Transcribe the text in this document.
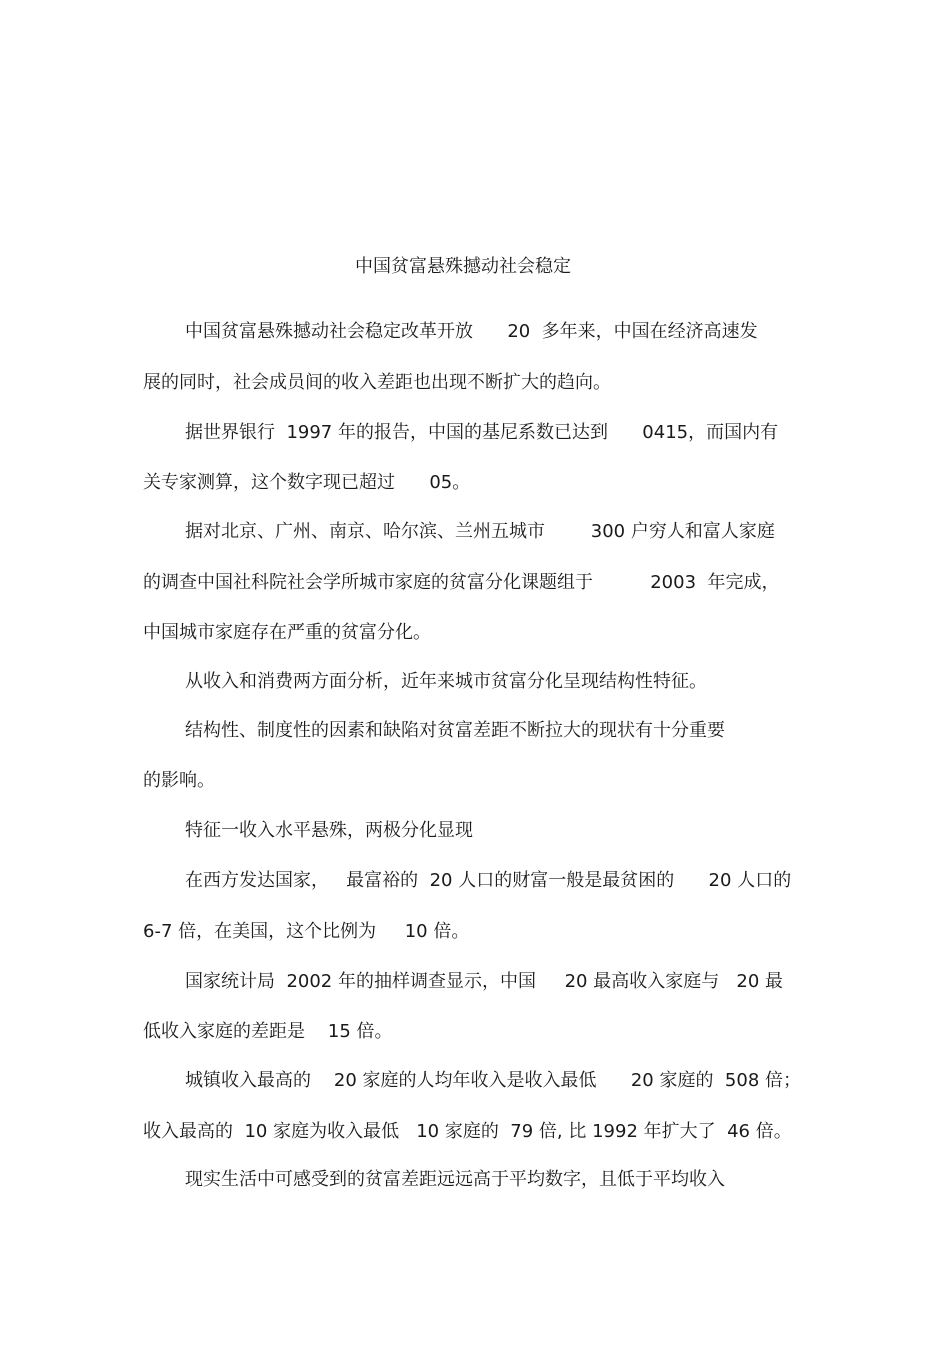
中国贫富悬殊撼动社会稳定

中国贫富悬殊撼动社会稳定改革开放      20  多年来，中国在经济高速发

展的同时，社会成员间的收入差距也出现不断扩大的趋向。

据世界银行  1997 年的报告，中国的基尼系数已达到      0415，而国内有

关专家测算，这个数字现已超过      05。

据对北京、广州、南京、哈尔滨、兰州五城市        300 户穷人和富人家庭

的调查中国社科院社会学所城市家庭的贫富分化课题组于          2003  年完成，

中国城市家庭存在严重的贫富分化。

从收入和消费两方面分析，近年来城市贫富分化呈现结构性特征。

结构性、制度性的因素和缺陷对贫富差距不断拉大的现状有十分重要

的影响。

特征一收入水平悬殊，两极分化显现

在西方发达国家，   最富裕的  20 人口的财富一般是最贫困的      20 人口的

6-7 倍，在美国，这个比例为     10 倍。

国家统计局  2002 年的抽样调查显示，中国     20 最高收入家庭与   20 最

低收入家庭的差距是    15 倍。

城镇收入最高的    20 家庭的人均年收入是收入最低      20 家庭的  508 倍；

收入最高的  10 家庭为收入最低   10 家庭的  79 倍, 比 1992 年扩大了  46 倍。

现实生活中可感受到的贫富差距远远高于平均数字，且低于平均收入
